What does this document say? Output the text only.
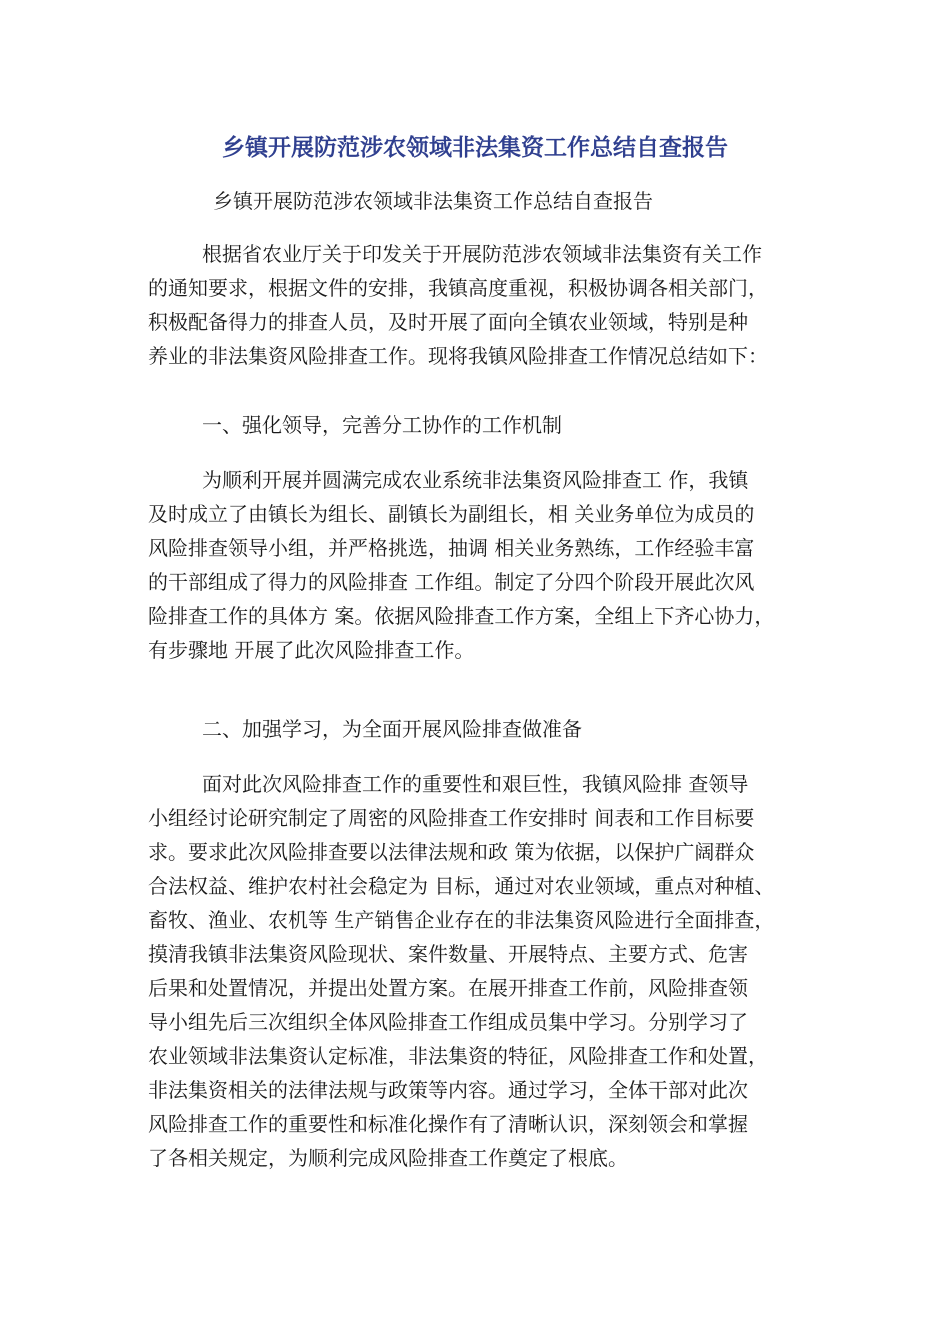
乡镇开展防范涉农领域非法集资工作总结自查报告
乡镇开展防范涉农领域非法集资工作总结自查报告
根据省农业厅关于印发关于开展防范涉农领域非法集资有关工作
的通知要求，根据文件的安排，我镇高度重视，积极协调各相关部门，
积极配备得力的排查人员，及时开展了面向全镇农业领域，特别是种
养业的非法集资风险排查工作。现将我镇风险排查工作情况总结如下：
一、强化领导，完善分工协作的工作机制
为顺利开展并圆满完成农业系统非法集资风险排查工 作，我镇
及时成立了由镇长为组长、副镇长为副组长，相 关业务单位为成员的
风险排查领导小组，并严格挑选，抽调 相关业务熟练，工作经验丰富
的干部组成了得力的风险排查 工作组。制定了分四个阶段开展此次风
险排查工作的具体方 案。依据风险排查工作方案，全组上下齐心协力，
有步骤地 开展了此次风险排查工作。
二、加强学习，为全面开展风险排查做准备
面对此次风险排查工作的重要性和艰巨性，我镇风险排 查领导
小组经讨论研究制定了周密的风险排查工作安排时 间表和工作目标要
求。要求此次风险排查要以法律法规和政 策为依据，以保护广阔群众
合法权益、维护农村社会稳定为 目标，通过对农业领域，重点对种植、
畜牧、渔业、农机等 生产销售企业存在的非法集资风险进行全面排查，
摸清我镇非法集资风险现状、案件数量、开展特点、主要方式、危害
后果和处置情况，并提出处置方案。在展开排查工作前，风险排查领
导小组先后三次组织全体风险排查工作组成员集中学习。分别学习了
农业领域非法集资认定标准，非法集资的特征，风险排查工作和处置，
非法集资相关的法律法规与政策等内容。通过学习，全体干部对此次
风险排查工作的重要性和标准化操作有了清晰认识，深刻领会和掌握
了各相关规定，为顺利完成风险排查工作奠定了根底。
